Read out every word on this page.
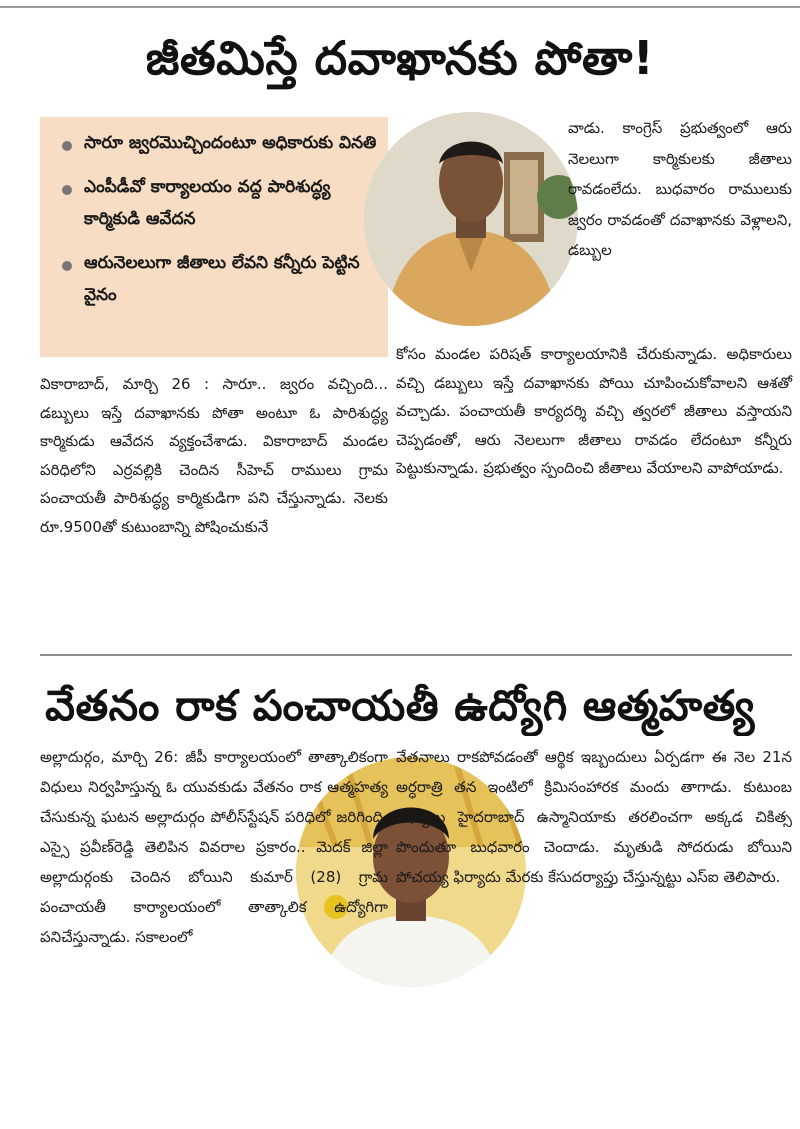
జీతమిస్తే దవాఖానకు పోతా!
సారూ జ్వరమొచ్చిందంటూ అధికారుకు వినతి
ఎంపీడీవో కార్యాలయం వద్ద పారిశుద్ధ్య కార్మికుడి ఆవేదన
ఆరునెలలుగా జీతాలు లేవని కన్నీరు పెట్టిన వైనం

వాడు. కాంగ్రెస్ ప్రభుత్వంలో ఆరు నెలలుగా కార్మికులకు జీతాలు రావడంలేదు. బుధవారం రాములుకు జ్వరం రావడంతో దవాఖానకు వెళ్లాలని, డబ్బుల

వికారాబాద్, మార్చి 26 : సారూ.. జ్వరం వచ్చింది... డబ్బులు ఇస్తే దవాఖానకు పోతా అంటూ ఓ పారిశుద్ధ్య కార్మికుడు ఆవేదన వ్యక్తంచేశాడు. వికారాబాద్ మండల పరిధిలోని ఎర్రవల్లికి చెందిన సీహెచ్ రాములు గ్రామ పంచాయతీ పారిశుద్ధ్య కార్మికుడిగా పని చేస్తున్నాడు. నెలకు రూ.9500తో కుటుంబాన్ని పోషించుకునే

కోసం మండల పరిషత్ కార్యాలయానికి చేరుకున్నాడు. అధికారులు వచ్చి డబ్బులు ఇస్తే దవాఖానకు పోయి చూపించుకోవాలని ఆశతో వచ్చాడు. పంచాయతీ కార్యదర్శి వచ్చి త్వరలో జీతాలు వస్తాయని చెప్పడంతో, ఆరు నెలలుగా జీతాలు రావడం లేదంటూ కన్నీరు పెట్టుకున్నాడు. ప్రభుత్వం స్పందించి జీతాలు వేయాలని వాపోయాడు.

వేతనం రాక పంచాయతీ ఉద్యోగి ఆత్మహత్య

అల్లాదుర్గం, మార్చి 26: జీపీ కార్యాలయంలో తాత్కాలికంగా విధులు నిర్వహిస్తున్న ఓ యువకుడు వేతనం రాక ఆత్మహత్య చేసుకున్న ఘటన అల్లాదుర్గం పోలీస్‌స్టేషన్ పరిధిలో జరిగింది. ఎస్సై ప్రవీణ్‌రెడ్డి తెలిపిన వివరాల ప్రకారం.. మెదక్ జిల్లా అల్లాదుర్గంకు చెందిన బోయిని కుమార్ (28) గ్రామ పంచాయతీ కార్యాలయంలో తాత్కాలిక ఉద్యోగిగా పనిచేస్తున్నాడు. సకాలంలో

వేతనాలు రాకపోవడంతో ఆర్థిక ఇబ్బందులు ఏర్పడగా ఈ నెల 21న అర్ధరాత్రి తన ఇంటిలో క్రిమిసంహారక మందు తాగాడు. కుటుంబ సభ్యులు హైదరాబాద్ ఉస్మానియాకు తరలించగా అక్కడ చికిత్స పొందుతూ బుధవారం చెందాడు. మృతుడి సోదరుడు బోయిని పోచయ్య ఫిర్యాదు మేరకు కేసుదర్యాప్తు చేస్తున్నట్టు ఎస్ఐ తెలిపారు.
